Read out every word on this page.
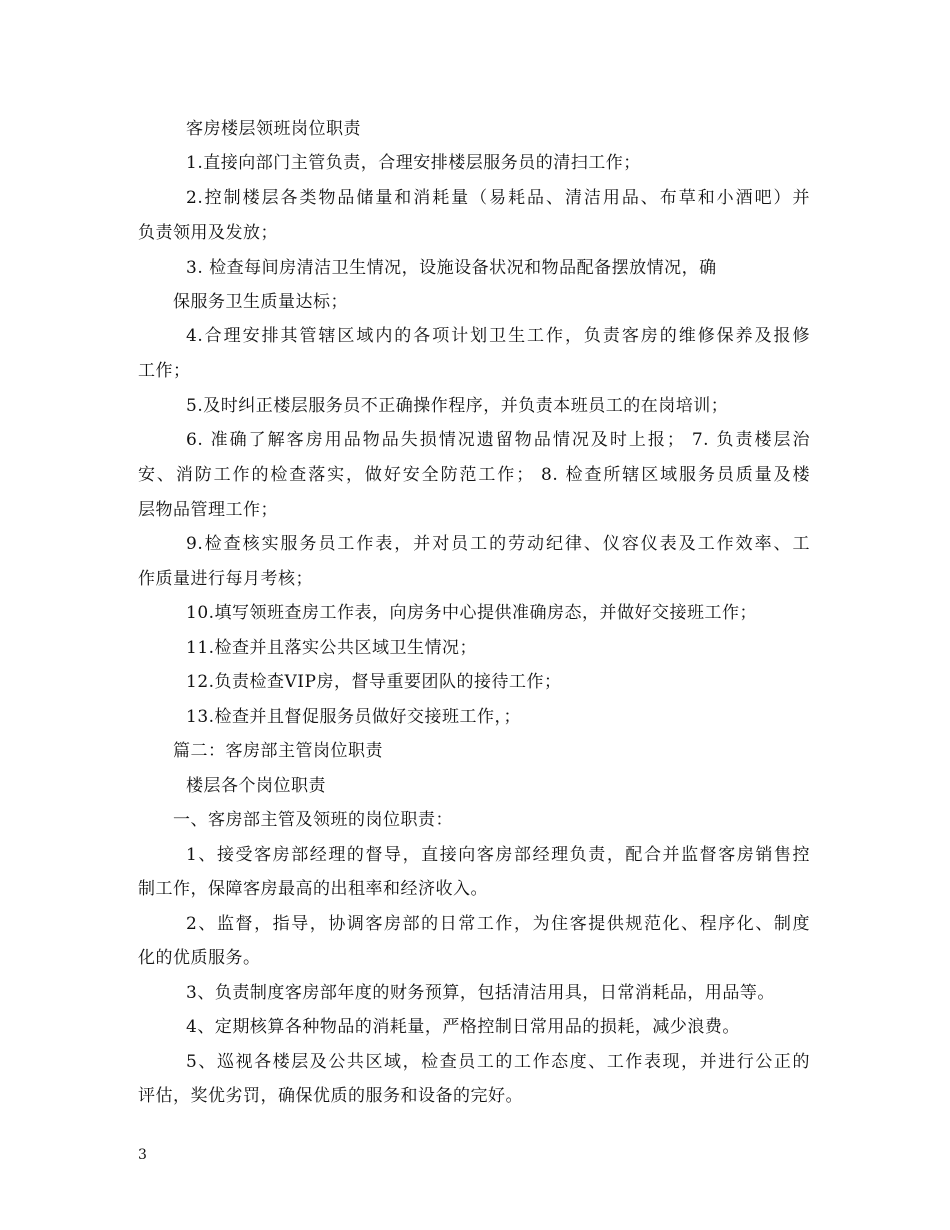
客房楼层领班岗位职责
1.直接向部门主管负责，合理安排楼层服务员的清扫工作；
2.控制楼层各类物品储量和消耗量（易耗品、清洁用品、布草和小酒吧）并
负责领用及发放；
3. 检查每间房清洁卫生情况，设施设备状况和物品配备摆放情况，确
保服务卫生质量达标；
4.合理安排其管辖区域内的各项计划卫生工作，负责客房的维修保养及报修
工作；
5.及时纠正楼层服务员不正确操作程序，并负责本班员工的在岗培训；
6. 准确了解客房用品物品失损情况遗留物品情况及时上报； 7. 负责楼层治
安、消防工作的检查落实，做好安全防范工作； 8. 检查所辖区域服务员质量及楼
层物品管理工作；
9.检查核实服务员工作表，并对员工的劳动纪律、仪容仪表及工作效率、工
作质量进行每月考核；
10.填写领班查房工作表，向房务中心提供准确房态，并做好交接班工作；
11.检查并且落实公共区域卫生情况；
12.负责检查VIP房，督导重要团队的接待工作；
13.检查并且督促服务员做好交接班工作，；
篇二：客房部主管岗位职责
楼层各个岗位职责
一、客房部主管及领班的岗位职责：
1、接受客房部经理的督导，直接向客房部经理负责，配合并监督客房销售控
制工作，保障客房最高的出租率和经济收入。
2、监督，指导，协调客房部的日常工作，为住客提供规范化、程序化、制度
化的优质服务。
3、负责制度客房部年度的财务预算，包括清洁用具，日常消耗品，用品等。
4、定期核算各种物品的消耗量，严格控制日常用品的损耗，减少浪费。
5、巡视各楼层及公共区域，检查员工的工作态度、工作表现，并进行公正的
评估，奖优劣罚，确保优质的服务和设备的完好。
3
